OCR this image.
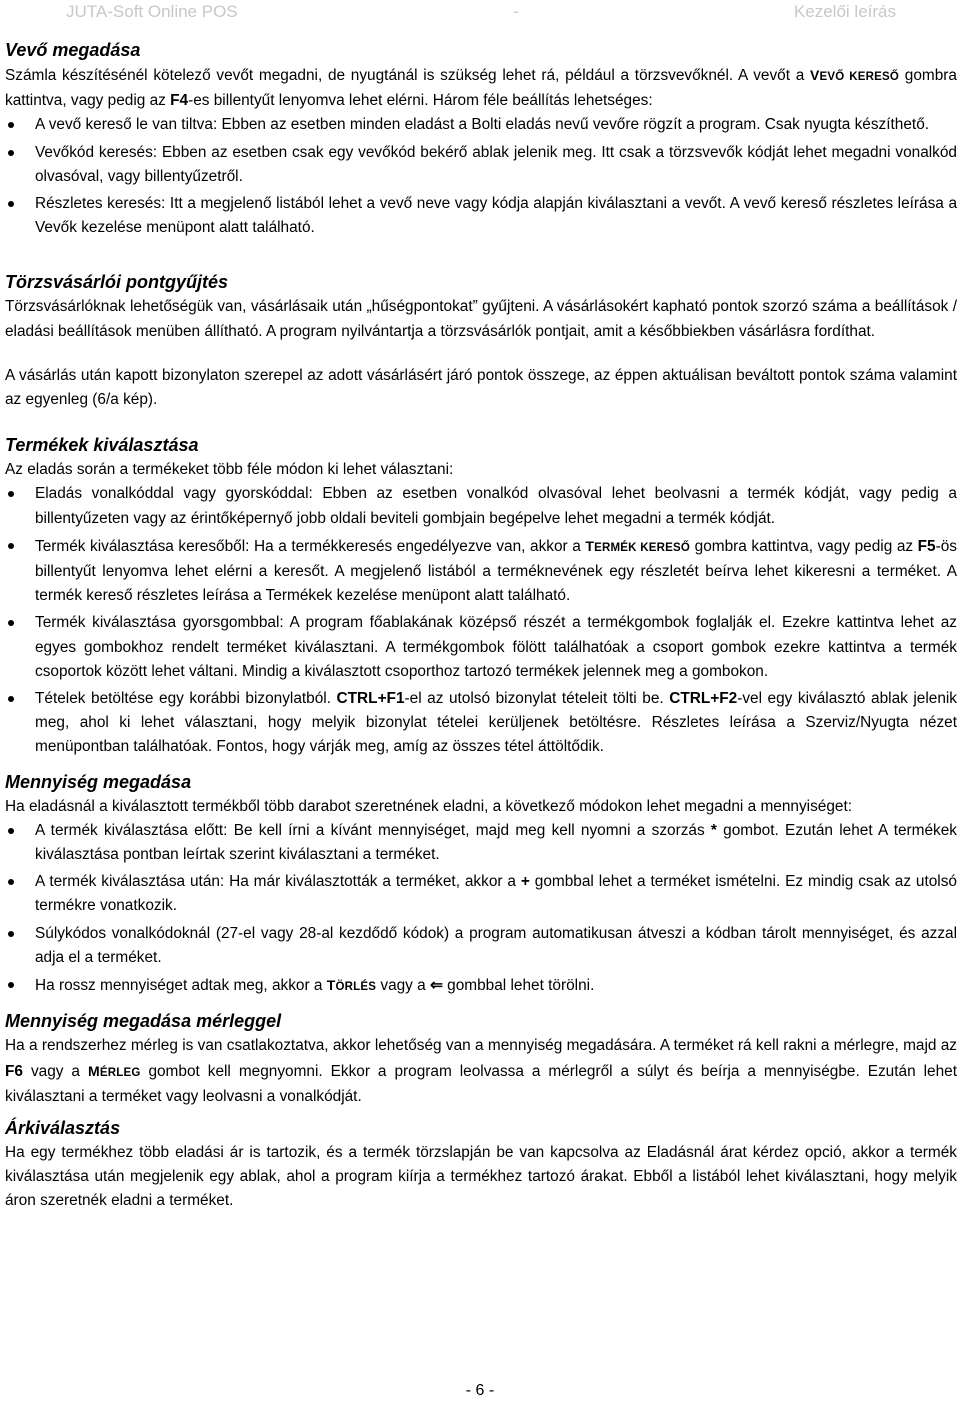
JUTA-Soft Online POS	-	Kezelői leírás
Vevő megadása
Számla készítésénél kötelező vevőt megadni, de nyugtánál is szükség lehet rá, például a törzsvevőknél. A vevőt a VEVŐ KERESŐ gombra kattintva, vagy pedig az F4-es billentyűt lenyomva lehet elérni. Három féle beállítás lehetséges:
A vevő kereső le van tiltva: Ebben az esetben minden eladást a Bolti eladás nevű vevőre rögzít a program. Csak nyugta készíthető.
Vevőkód keresés: Ebben az esetben csak egy vevőkód bekérő ablak jelenik meg. Itt csak a törzsvevők kódját lehet megadni vonalkód olvasóval, vagy billentyűzetről.
Részletes keresés: Itt a megjelenő listából lehet a vevő neve vagy kódja alapján kiválasztani a vevőt. A vevő kereső részletes leírása a Vevők kezelése menüpont alatt található.
Törzsvásárlói pontgyűjtés
Törzsvásárlóknak lehetőségük van, vásárlásaik után „hűségpontokat” gyűjteni. A vásárlásokért kapható pontok szorzó száma a beállítások / eladási beállítások menüben állítható. A program nyilvántartja a törzsvásárlók pontjait, amit a későbbiekben vásárlásra fordíthat.
A vásárlás után kapott bizonylaton szerepel az adott vásárlásért járó pontok összege, az éppen aktuálisan beváltott pontok száma valamint az egyenleg (6/a kép).
Termékek kiválasztása
Az eladás során a termékeket több féle módon ki lehet választani:
Eladás vonalkóddal vagy gyorskóddal: Ebben az esetben vonalkód olvasóval lehet beolvasni a termék kódját, vagy pedig a billentyűzeten vagy az érintőképernyő jobb oldali beviteli gombjain begépelve lehet megadni a termék kódját.
Termék kiválasztása keresőből: Ha a termékkeresés engedélyezve van, akkor a TERMÉK KERESŐ gombra kattintva, vagy pedig az F5-ös billentyűt lenyomva lehet elérni a keresőt. A megjelenő listából a terméknevének egy részletét beírva lehet kikeresni a terméket. A termék kereső részletes leírása a Termékek kezelése menüpont alatt található.
Termék kiválasztása gyorsgombbal: A program főablakának középső részét a termékgombok foglalják el. Ezekre kattintva lehet az egyes gombokhoz rendelt terméket kiválasztani. A termékgombok fölött találhatóak a csoport gombok ezekre kattintva a termék csoportok között lehet váltani. Mindig a kiválasztott csoporthoz tartozó termékek jelennek meg a gombokon.
Tételek betöltése egy korábbi bizonylatból. CTRL+F1-el az utolsó bizonylat tételeit tölti be. CTRL+F2-vel egy kiválasztó ablak jelenik meg, ahol ki lehet választani, hogy melyik bizonylat tételei kerüljenek betöltésre. Részletes leírása a Szerviz/Nyugta nézet menüpontban találhatóak. Fontos, hogy várják meg, amíg az összes tétel áttöltődik.
Mennyiség megadása
Ha eladásnál a kiválasztott termékből több darabot szeretnének eladni, a következő módokon lehet megadni a mennyiséget:
A termék kiválasztása előtt: Be kell írni a kívánt mennyiséget, majd meg kell nyomni a szorzás * gombot. Ezután lehet A termékek kiválasztása pontban leírtak szerint kiválasztani a terméket.
A termék kiválasztása után: Ha már kiválasztották a terméket, akkor a + gombbal lehet a terméket ismételni. Ez mindig csak az utolsó termékre vonatkozik.
Súlykódos vonalkódoknál (27-el vagy 28-al kezdődő kódok) a program automatikusan átveszi a kódban tárolt mennyiséget, és azzal adja el a terméket.
Ha rossz mennyiséget adtak meg, akkor a TÖRLÉS vagy a ⇐ gombbal lehet törölni.
Mennyiség megadása mérleggel
Ha a rendszerhez mérleg is van csatlakoztatva, akkor lehetőség van a mennyiség megadására. A terméket rá kell rakni a mérlegre, majd az F6 vagy a MÉRLEG gombot kell megnyomni. Ekkor a program leolvassa a mérlegről a súlyt és beírja a mennyiségbe. Ezután lehet kiválasztani a terméket vagy leolvasni a vonalkódját.
Árkiválasztás
Ha egy termékhez több eladási ár is tartozik, és a termék törzslapján be van kapcsolva az Eladásnál árat kérdez opció, akkor a termék kiválasztása után megjelenik egy ablak, ahol a program kiírja a termékhez tartozó árakat. Ebből a listából lehet kiválasztani, hogy melyik áron szeretnék eladni a terméket.
- 6 -
